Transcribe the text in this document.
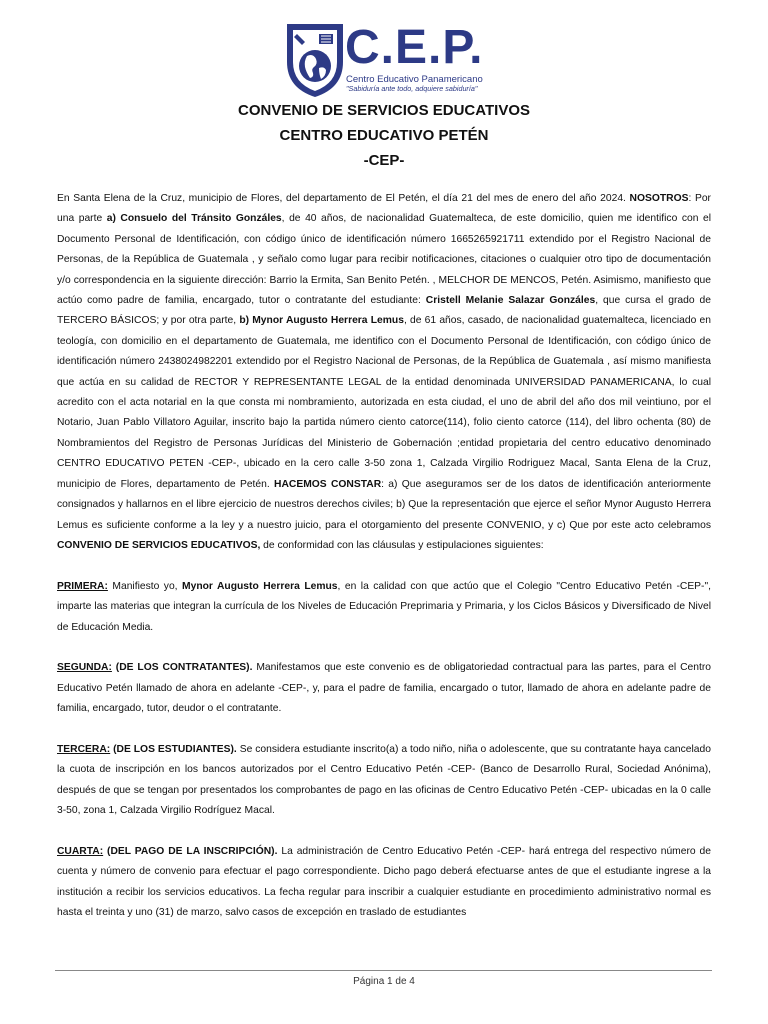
C.E.P.
Centro Educativo Panamericano
"Sabiduría ante todo, adquiere sabiduría"
CONVENIO DE SERVICIOS EDUCATIVOS
CENTRO EDUCATIVO PETÉN
-CEP-

En Santa Elena de la Cruz, municipio de Flores, del departamento de El Petén, el día 21 del mes de enero del año 2024. NOSOTROS: Por una parte a) Consuelo del Tránsito Gonzáles, de 40 años, de nacionalidad Guatemalteca, de este domicilio, quien me identifico con el Documento Personal de Identificación, con código único de identificación número 1665265921711 extendido por el Registro Nacional de Personas, de la República de Guatemala , y señalo como lugar para recibir notificaciones, citaciones o cualquier otro tipo de documentación y/o correspondencia en la siguiente dirección: Barrio la Ermita, San Benito Petén. , MELCHOR DE MENCOS, Petén. Asimismo, manifiesto que actúo como padre de familia, encargado, tutor o contratante del estudiante: Cristell Melanie Salazar Gonzáles, que cursa el grado de TERCERO BÁSICOS; y por otra parte, b) Mynor Augusto Herrera Lemus, de 61 años, casado, de nacionalidad guatemalteca, licenciado en teología, con domicilio en el departamento de Guatemala, me identifico con el Documento Personal de Identificación, con código único de identificación número 2438024982201 extendido por el Registro Nacional de Personas, de la República de Guatemala , así mismo manifiesta que actúa en su calidad de RECTOR Y REPRESENTANTE LEGAL de la entidad denominada UNIVERSIDAD PANAMERICANA, lo cual acredito con el acta notarial en la que consta mi nombramiento, autorizada en esta ciudad, el uno de abril del año dos mil veintiuno, por el Notario, Juan Pablo Villatoro Aguilar, inscrito bajo la partida número ciento catorce(114), folio ciento catorce (114), del libro ochenta (80) de Nombramientos del Registro de Personas Jurídicas del Ministerio de Gobernación ;entidad propietaria del centro educativo denominado CENTRO EDUCATIVO PETEN -CEP-, ubicado en la cero calle 3-50 zona 1, Calzada Virgilio Rodriguez Macal, Santa Elena de la Cruz, municipio de Flores, departamento de Petén. HACEMOS CONSTAR: a) Que aseguramos ser de los datos de identificación anteriormente consignados y hallarnos en el libre ejercicio de nuestros derechos civiles; b) Que la representación que ejerce el señor Mynor Augusto Herrera Lemus es suficiente conforme a la ley y a nuestro juicio, para el otorgamiento del presente CONVENIO, y c) Que por este acto celebramos CONVENIO DE SERVICIOS EDUCATIVOS, de conformidad con las cláusulas y estipulaciones siguientes:

PRIMERA: Manifiesto yo, Mynor Augusto Herrera Lemus, en la calidad con que actúo que el Colegio "Centro Educativo Petén -CEP-", imparte las materias que integran la currícula de los Niveles de Educación Preprimaria y Primaria, y los Ciclos Básicos y Diversificado de Nivel de Educación Media.

SEGUNDA: (DE LOS CONTRATANTES). Manifestamos que este convenio es de obligatoriedad contractual para las partes, para el Centro Educativo Petén llamado de ahora en adelante -CEP-, y, para el padre de familia, encargado o tutor, llamado de ahora en adelante padre de familia, encargado, tutor, deudor o el contratante.

TERCERA: (DE LOS ESTUDIANTES). Se considera estudiante inscrito(a) a todo niño, niña o adolescente, que su contratante haya cancelado la cuota de inscripción en los bancos autorizados por el Centro Educativo Petén -CEP- (Banco de Desarrollo Rural, Sociedad Anónima), después de que se tengan por presentados los comprobantes de pago en las oficinas de Centro Educativo Petén -CEP- ubicadas en la 0 calle 3-50, zona 1, Calzada Virgilio Rodríguez Macal.

CUARTA: (DEL PAGO DE LA INSCRIPCIÓN). La administración de Centro Educativo Petén -CEP- hará entrega del respectivo número de cuenta y número de convenio para efectuar el pago correspondiente. Dicho pago deberá efectuarse antes de que el estudiante ingrese a la institución a recibir los servicios educativos. La fecha regular para inscribir a cualquier estudiante en procedimiento administrativo normal es hasta el treinta y uno (31) de marzo, salvo casos de excepción en traslado de estudiantes

Página 1 de 4
